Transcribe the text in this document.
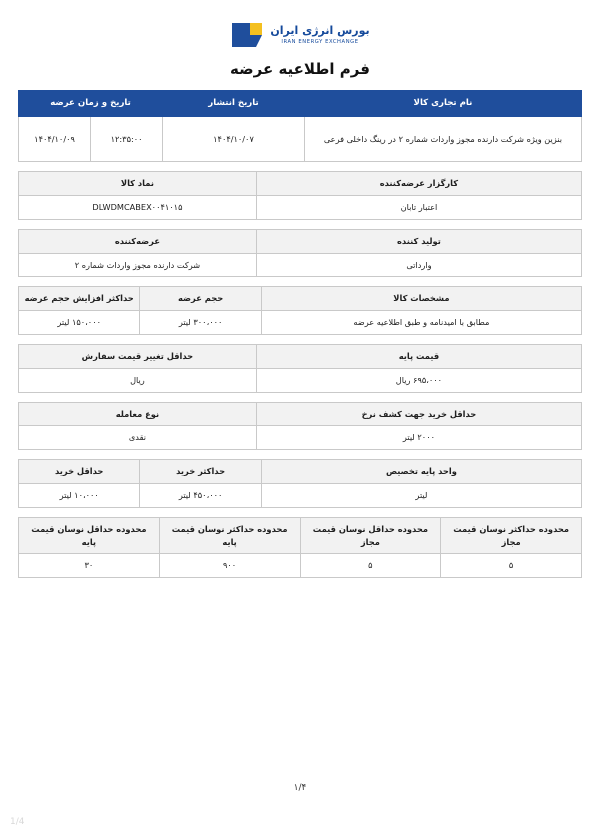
بورس انرژی ایران
IRAN ENERGY EXCHANGE
فرم اطلاعیه عرضه
نام تجاری کالا	تاریخ انتشار	تاریخ و زمان عرضه	
بنزین ویژه شرکت دارنده مجوز واردات شماره ۲ در رینگ داخلی فرعی	۱۴۰۴/۱۰/۰۷	۱۲:۳۵:۰۰	۱۴۰۴/۱۰/۰۹
کارگزار عرضه‌کننده	نماد کالا
اعتبار تابان	DLWDMCABEX۰۰۴۱۰۱۵
تولید کننده	عرضه‌کننده
وارداتی	شرکت دارنده مجوز واردات شماره ۲
مشخصات کالا	حجم عرضه	حداکثر افزایش حجم عرضه
مطابق با امیدنامه و طبق اطلاعیه عرضه	۳۰۰،۰۰۰ لیتر	۱۵۰،۰۰۰ لیتر
قیمت پایه	حداقل تغییر قیمت سفارش
۶۹۵،۰۰۰ ریال	ریال
حداقل خرید جهت کشف نرخ	نوع معامله
۲۰۰۰ لیتر	نقدی
واحد پایه تخصیص	حداکثر خرید	حداقل خرید
لیتر	۴۵۰،۰۰۰ لیتر	۱۰،۰۰۰ لیتر
محدوده حداکثر نوسان قیمت مجاز	محدوده حداقل نوسان قیمت مجاز	محدوده حداکثر نوسان قیمت پایه	محدوده حداقل نوسان قیمت پایه
۵	۵	۹۰۰	۳۰
۱/۴
1/4
